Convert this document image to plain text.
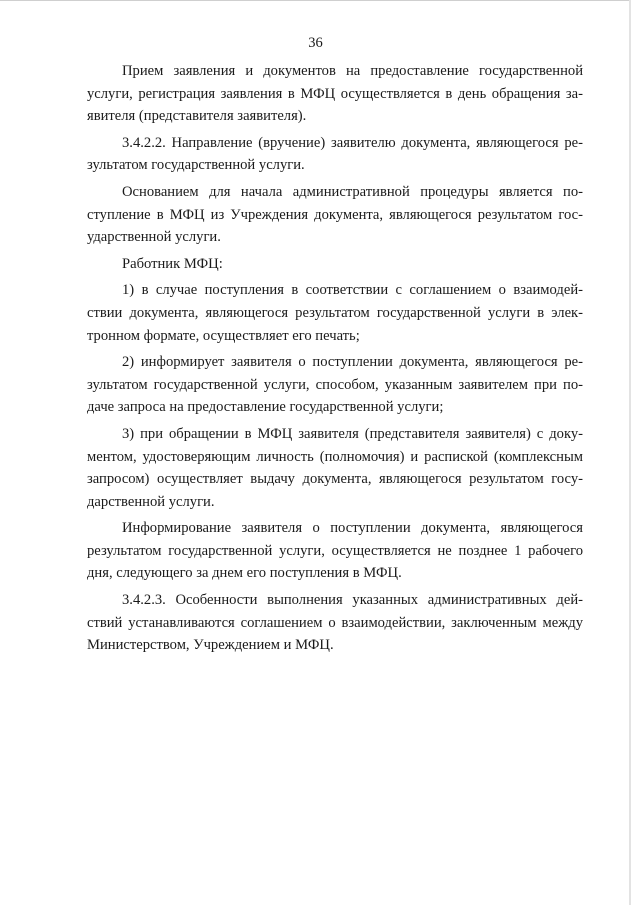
36
Прием заявления и документов на предоставление государственной
услуги, регистрация заявления в МФЦ осуществляется в день обращения за-
явителя (представителя заявителя).
3.4.2.2. Направление (вручение) заявителю документа, являющегося ре-
зультатом государственной услуги.
Основанием для начала административной процедуры является по-
ступление в МФЦ из Учреждения документа, являющегося результатом гос-
ударственной услуги.
Работник МФЦ:
1) в случае поступления в соответствии с соглашением о взаимодей-
ствии документа, являющегося результатом государственной услуги в элек-
тронном формате, осуществляет его печать;
2) информирует заявителя о поступлении документа, являющегося ре-
зультатом государственной услуги, способом, указанным заявителем при по-
даче запроса на предоставление государственной услуги;
3) при обращении в МФЦ заявителя (представителя заявителя) с доку-
ментом, удостоверяющим личность (полномочия) и распиской (комплексным
запросом) осуществляет выдачу документа, являющегося результатом госу-
дарственной услуги.
Информирование заявителя о поступлении документа, являющегося
результатом государственной услуги, осуществляется не позднее 1 рабочего
дня, следующего за днем его поступления в МФЦ.
3.4.2.3. Особенности выполнения указанных административных дей-
ствий устанавливаются соглашением о взаимодействии, заключенным между
Министерством, Учреждением и МФЦ.
